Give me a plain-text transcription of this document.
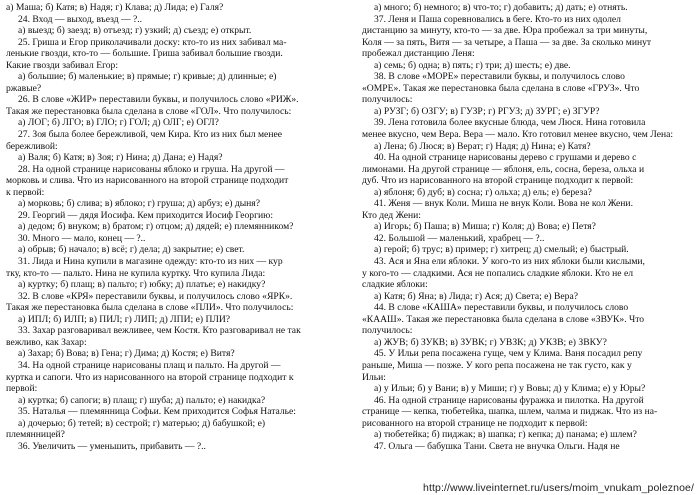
а) Маша; б) Катя; в) Надя; г) Клава; д) Лида; е) Галя?
24. Вход — выход, въезд — ?..
а) выезд; б) заезд; в) отъезд; г) узкий; д) съезд; е) открыт.
25. Гриша и Егор приколачивали доску: кто-то из них забивал ма-
ленькие гвозди, кто-то — большие. Гриша забивал большие гвозди.
Какие гвозди забивал Егор:
а) большие; б) маленькие; в) прямые; г) кривые; д) длинные; е)
ржавые?
26. В слове «ЖИР» переставили буквы, и получилось слово «РИЖ».
Такая же перестановка была сделана в слове «ГОЛ». Что получилось:
а) ЛОГ; б) ЛГО; в) ГЛО; г) ГОЛ; д) ОЛГ; е) ОГЛ?
27. Зоя была более бережливой, чем Кира. Кто из них был менее
бережливой:
а) Валя; б) Катя; в) Зоя; г) Нина; д) Дана; е) Надя?
28. На одной странице нарисованы яблоко и груша. На другой —
морковь и слива. Что из нарисованного на второй странице подходит
к первой:
а) морковь; б) слива; в) яблоко; г) груша; д) арбуз; е) дыня?
29. Георгий — дядя Иосифа. Кем приходится Иосиф Георгию:
а) дедом; б) внуком; в) братом; г) отцом; д) дядей; е) племянником?
30. Много — мало, конец — ?..
а) обрыв; б) начало; в) всё; г) дела; д) закрытие; е) свет.
31. Лида и Нина купили в магазине одежду: кто-то из них — кур
тку, кто-то — пальто. Нина не купила куртку. Что купила Лида:
а) куртку; б) плащ; в) пальто; г) юбку; д) платье; е) накидку?
32. В слове «КРЯ» переставили буквы, и получилось слово «ЯРК».
Такая же перестановка была сделана в слове «ПЛИ». Что получилось:
а) ИПЛ; б) ИЛП; в) ПИЛ; г) ЛИП; д) ЛПИ; е) ПЛИ?
33. Захар разговаривал вежливее, чем Костя. Кто разговаривал не так
вежливо, как Захар:
а) Захар; б) Вова; в) Гена; г) Дима; д) Костя; е) Витя?
34. На одной странице нарисованы плащ и пальто. На другой —
куртка и сапоги. Что из нарисованного на второй странице подходит к
первой:
а) куртка; б) сапоги; в) плащ; г) шуба; д) пальто; е) накидка?
35. Наталья — племянница Софьи. Кем приходится Софья Наталье:
а) дочерью; б) тетей; в) сестрой; г) матерью; д) бабушкой; е)
племянницей?
36. Увеличить — уменьшить, прибавить — ?..
а) много; б) немного; в) что-то; г) добавить; д) дать; е) отнять.
37. Леня и Паша соревновались в беге. Кто-то из них одолел
дистанцию за минуту, кто-то — за две. Юра пробежал за три минуты,
Коля — за пять, Витя — за четыре, а Паша — за две. За сколько минут
пробежал дистанцию Леня:
а) семь; б) одна; в) пять; г) три; д) шесть; е) две.
38. В слове «МОРЕ» переставили буквы, и получилось слово
«ОМРЕ». Такая же перестановка была сделана в слове «ГРУЗ». Что
получилось:
а) РУЗГ; б) ОЗГУ; в) ГУЗР; г) РГУЗ; д) ЗУРГ; е) ЗГУР?
39. Лена готовила более вкусные блюда, чем Люся. Нина готовила
менее вкусно, чем Вера. Вера — мало. Кто готовил менее вкусно, чем Лена:
а) Лена; б) Люся; в) Верат; г) Надя; д) Нина; е) Катя?
40. На одной странице нарисованы дерево с грушами и дерево с
лимонами. На другой странице — яблоня, ель, сосна, береза, ольха и
дуб. Что из нарисованного на второй странице подходит к первой:
а) яблоня; б) дуб; в) сосна; г) ольха; д) ель; е) береза?
41. Женя — внук Коли. Миша не внук Коли. Вова не кол Жени.
Кто дед Жени:
а) Игорь; б) Паша; в) Миша; г) Коля; д) Вова; е) Петя?
42. Большой — маленький, храбрец — ?..
а) герой; б) трус; в) пример; г) хитрец; д) смелый; е) быстрый.
43. Ася и Яна ели яблоки. У кого-то из них яблоки были кислыми,
у кого-то — сладкими. Ася не попались сладкие яблоки. Кто не ел
сладкие яблоки:
а) Катя; б) Яна; в) Лида; г) Ася; д) Света; е) Вера?
44. В слове «КАША» переставили буквы, и получилось слово
«КААШ». Такая же перестановка была сделана в слове «ЗВУК». Что
получилось:
а) ЖУВ; б) ЗУКВ; в) ЗУВК; г) УВЗК; д) УКЗВ; е) ЗВКУ?
45. У Ильи репа посажена гуще, чем у Клима. Ваня посадил репу
раньше, Миша — позже. У кого репа посажена не так густо, как у
Ильи:
а) у Ильи; б) у Вани; в) у Миши; г) у Вовы; д) у Клима; е) у Юры?
46. На одной странице нарисованы фуражка и пилотка. На другой
странице — кепка, тюбетейка, шапка, шлем, чалма и пиджак. Что из на-
рисованного на второй странице не подходит к первой:
а) тюбетейка; б) пиджак; в) шапка; г) кепка; д) панама; е) шлем?
47. Ольга — бабушка Тани. Света не внучка Ольги. Надя не
http://www.liveinternet.ru/users/moim_vnukam_poleznoe/
